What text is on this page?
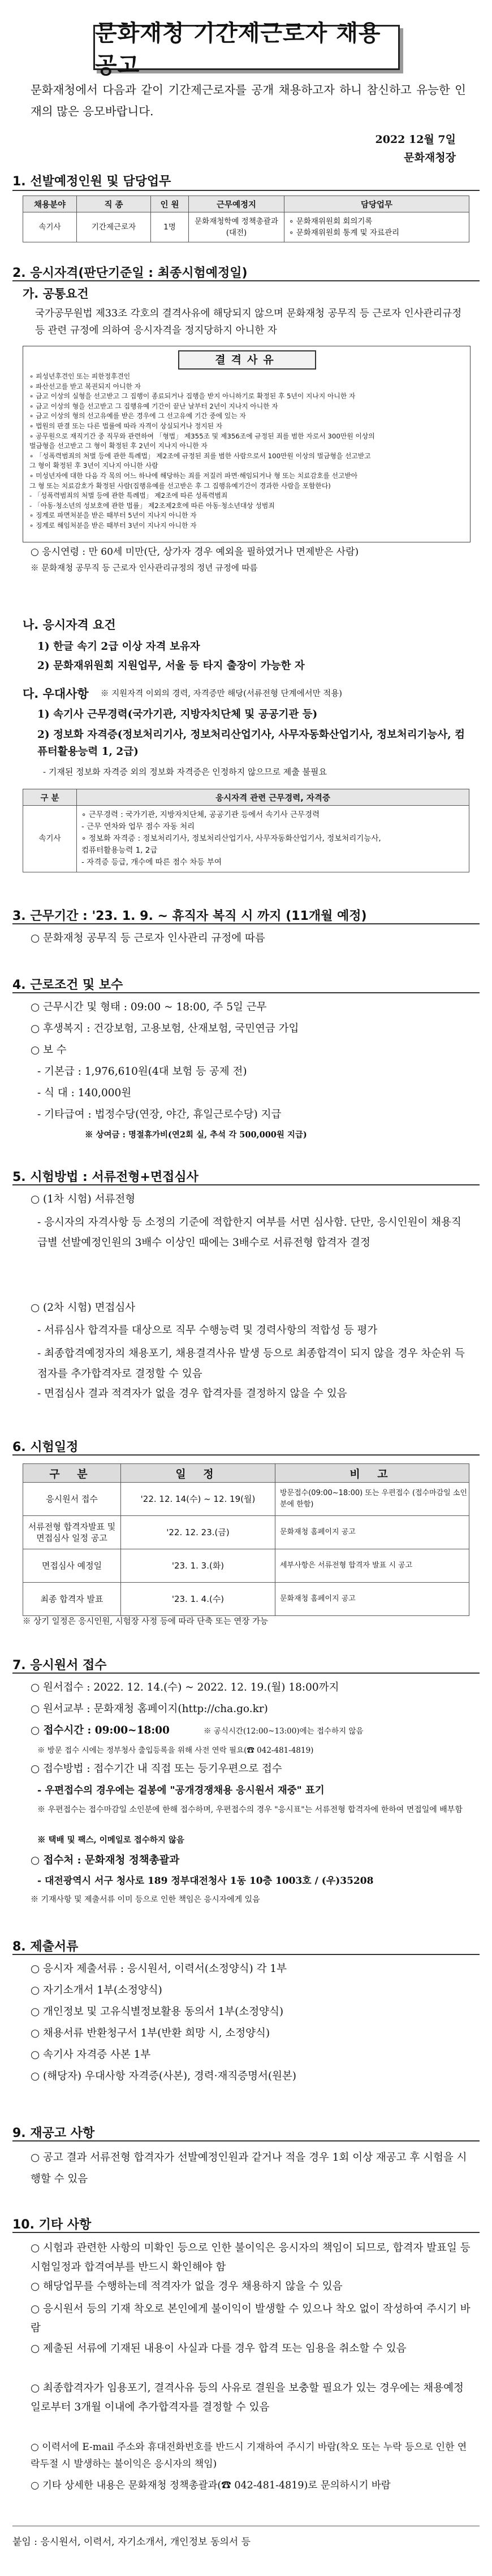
문화재청 기간제근로자 채용 공고
문화재청에서 다음과 같이 기간제근로자를 공개 채용하고자 하니 참신하고 유능한 인재의 많은 응모바랍니다.
2022 12월 7일
문화재청장
1. 선발예정인원 및 담당업무
채용분야	직 종	인 원	근무예정지	담당업무
속기사	기간제근로자	1명	문화재청학예 정책총괄과(대전)	∘ 문화재위원회 회의기록
∘ 문화재위원회 통계 및 자료관리
2. 응시자격(판단기준일 : 최종시험예정일)
가. 공통요건
국가공무원법 제33조 각호의 결격사유에 해당되지 않으며 문화재청 공무직 등 근로자 인사관리규정 등 관련 규정에 의하여 응시자격을 정지당하지 아니한 자
결격사유
∘ 피성년후견인 또는 피한정후견인
∘ 파산선고를 받고 복권되지 아니한 자
∘ 금고 이상의 실형을 선고받고 그 집행이 종료되거나 집행을 받지 아니하기로 확정된 후 5년이 지나지 아니한 자
∘ 금고 이상의 형을 선고받고 그 집행유예 기간이 끝난 날부터 2년이 지나지 아니한 자
∘ 금고 이상의 형의 선고유예를 받은 경우에 그 선고유예 기간 중에 있는 자
∘ 법원의 판결 또는 다른 법률에 따라 자격이 상실되거나 정지된 자
∘ 공무원으로 재직기간 중 직무와 관련하여 「형법」 제355조 및 제356조에 규정된 죄를 범한 자로서 300만원 이상의
벌금형을 선고받고 그 형이 확정된 후 2년이 지나지 아니한 자
∘ 「성폭력범죄의 처벌 등에 관한 특례법」 제2조에 규정된 죄를 범한 사람으로서 100만원 이상의 벌금형을 선고받고
그 형이 확정된 후 3년이 지나지 아니한 사람
∘ 미성년자에 대한 다음 각 목의 어느 하나에 해당하는 죄를 저질러 파면·해임되거나 형 또는 치료감호를 선고받아
그 형 또는 치료감호가 확정된 사람(집행유예를 선고받은 후 그 집행유예기간이 경과한 사람을 포함한다)
- 「성폭력범죄의 처벌 등에 관한 특례법」 제2조에 따른 성폭력범죄
- 「아동·청소년의 성보호에 관한 법률」 제2조제2호에 따른 아동·청소년대상 성범죄
∘ 징계로 파면처분을 받은 때부터 5년이 지나지 아니한 자
∘ 징계로 해임처분을 받은 때부터 3년이 지나지 아니한 자
○ 응시연령 : 만 60세 미만(단, 상가자 경우 예외을 필하였거나 면제받은 사람)
※ 문화재청 공무직 등 근로자 인사관리규정의 정년 규정에 따름
나. 응시자격 요건
1) 한글 속기 2급 이상 자격 보유자
2) 문화재위원회 지원업무, 서울 등 타지 출장이 가능한 자
다. 우대사항 ※ 지원자격 이외의 경력, 자격증만 해당(서류전형 단계에서만 적용)
1) 속기사 근무경력(국가기관, 지방자치단체 및 공공기관 등)
2) 정보화 자격증(정보처리기사, 정보처리산업기사, 사무자동화산업기사, 정보처리기능사, 컴퓨터활용능력 1, 2급)
- 기재된 정보화 자격증 외의 정보화 자격증은 인정하지 않으므로 제출 불필요
구 분	응시자격 관련 근무경력, 자격증
속기사	∘ 근무경력 : 국가기관, 지방자치단체, 공공기관 등에서 속기사 근무경력
- 근무 연차와 업무 점수 자동 처리
∘ 정보화 자격증 : 정보처리기사, 정보처리산업기사, 사무자동화산업기사, 정보처리기능사,
컴퓨터활용능력 1, 2급
- 자격증 등급, 개수에 따른 점수 차등 부여
3. 근무기간 : '23. 1. 9. ~ 휴직자 복직 시 까지 (11개월 예정)
○ 문화재청 공무직 등 근로자 인사관리 규정에 따름
4. 근로조건 및 보수
○ 근무시간 및 형태 : 09:00 ~ 18:00, 주 5일 근무
○ 후생복지 : 건강보험, 고용보험, 산재보험, 국민연금 가입
○ 보 수
- 기본급 : 1,976,610원(4대 보험 등 공제 전)
- 식 대 : 140,000원
- 기타급여 : 법정수당(연장, 야간, 휴일근로수당) 지급
※ 상여금 : 명절휴가비(연2회 실, 추석 각 500,000원 지급)
5. 시험방법 : 서류전형+면접심사
○ (1차 시험) 서류전형
- 응시자의 자격사항 등 소정의 기준에 적합한지 여부를 서면 심사함. 단만, 응시인원이 채용직급별 선발예정인원의 3배수 이상인 때에는 3배수로 서류전형 합격자 결정
○ (2차 시험) 면접심사
- 서류심사 합격자를 대상으로 직무 수행능력 및 경력사항의 적합성 등 평가
- 최종합격예정자의 채용포기, 채용결격사유 발생 등으로 최종합격이 되지 않을 경우 차순위 득점자를 추가합격자로 결정할 수 있음
- 면접심사 결과 적격자가 없을 경우 합격자를 결정하지 않을 수 있음
6. 시험일정
구 분	일 정	비 고
응시원서 접수	'22. 12. 14(수) ~ 12. 19(월)	방문접수(09:00~18:00) 또는 우편접수 (접수마감일 소인분에 한함)
서류전형 합격자발표 및 면접심사 일정 공고	'22. 12. 23.(금)	문화재청 홈페이지 공고
면접심사 예정일	'23. 1. 3.(화)	세부사항은 서류전형 합격자 발표 시 공고
최종 합격자 발표	'23. 1. 4.(수)	문화재청 홈페이지 공고
※ 상기 일정은 응시인원, 시험장 사정 등에 따라 단축 또는 연장 가능
7. 응시원서 접수
○ 원서접수 : 2022. 12. 14.(수) ~ 2022. 12. 19.(월) 18:00까지
○ 원서교부 : 문화재청 홈페이지(http://cha.go.kr)
○ 접수시간 : 09:00~18:00	※ 공식시간(12:00~13:00)에는 접수하지 않음
※ 방문 접수 시에는 정부청사 출입등록을 위해 사전 연락 필요(☎ 042-481-4819)
○ 접수방법 : 접수기간 내 직접 또는 등기우편으로 접수
- 우편접수의 경우에는 겉봉에 "공개경쟁채용 응시원서 재중" 표기
※ 우편접수는 접수마감일 소인분에 한해 접수하며, 우편접수의 경우 "응시표"는 서류전형 합격자에 한하여 면접일에 배부함
※ 택배 및 팩스, 이메일로 접수하지 않음
○ 접수처 : 문화재청 정책총괄과
- 대전광역시 서구 청사로 189 정부대전청사 1동 10층 1003호 / (우)35208
※ 기재사항 및 제출서류 이미 등으로 인한 책임은 응시자에게 있음
8. 제출서류
○ 응시자 제출서류 : 응시원서, 이력서(소정양식) 각 1부
○ 자기소개서 1부(소정양식)
○ 개인정보 및 고유식별정보활용 동의서 1부(소정양식)
○ 채용서류 반환청구서 1부(반환 희망 시, 소정양식)
○ 속기사 자격증 사본 1부
○ (해당자) 우대사항 자격증(사본), 경력·재직증명서(원본)
9. 재공고 사항
○ 공고 결과 서류전형 합격자가 선발예정인원과 같거나 적을 경우 1회 이상 재공고 후 시험을 시행할 수 있음
10. 기타 사항
○ 시험과 관련한 사항의 미확인 등으로 인한 불이익은 응시자의 책임이 되므로, 합격자 발표일 등 시험일정과 합격여부를 반드시 확인해야 함
○ 해당업무를 수행하는데 적격자가 없을 경우 채용하지 않을 수 있음
○ 응시원서 등의 기재 착오로 본인에게 불이익이 발생할 수 있으나 착오 없이 작성하여 주시기 바람
○ 제출된 서류에 기재된 내용이 사실과 다를 경우 합격 또는 임용을 취소할 수 있음
○ 최종합격자가 임용포기, 결격사유 등의 사유로 결원을 보충할 필요가 있는 경우에는 채용예정일로부터 3개월 이내에 추가합격자를 결정할 수 있음
○ 이력서에 E-mail 주소와 휴대전화번호를 반드시 기재하여 주시기 바람(착오 또는 누락 등으로 인한 연락두절 시 발생하는 불이익은 응시자의 책임)
○ 기타 상세한 내용은 문화재청 정책총괄과(☎ 042-481-4819)로 문의하시기 바람
붙임 : 응시원서, 이력서, 자기소개서, 개인정보 동의서 등
